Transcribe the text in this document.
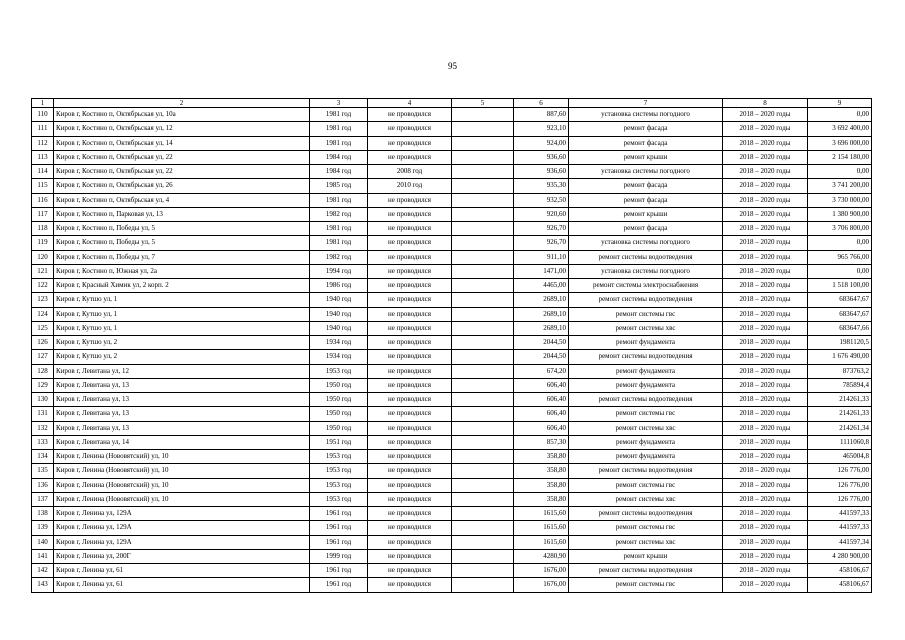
95
1	2	3	4	5	6	7	8	9
110	Киров г, Костино п, Октябрьская ул, 10а	1981 год	не проводился		887,60	установка системы погодного	2018 – 2020 годы	0,00
111	Киров г, Костино п, Октябрьская ул, 12	1981 год	не проводился		923,10	ремонт фасада	2018 – 2020 годы	3 692 400,00
112	Киров г, Костино п, Октябрьская ул, 14	1981 год	не проводился		924,00	ремонт фасада	2018 – 2020 годы	3 696 000,00
113	Киров г, Костино п, Октябрьская ул, 22	1984 год	не проводился		936,60	ремонт крыши	2018 – 2020 годы	2 154 180,00
114	Киров г, Костино п, Октябрьская ул, 22	1984 год	2008 год		936,60	установка системы погодного	2018 – 2020 годы	0,00
115	Киров г, Костино п, Октябрьская ул, 26	1985 год	2010 год		935,30	ремонт фасада	2018 – 2020 годы	3 741 200,00
116	Киров г, Костино п, Октябрьская ул, 4	1981 год	не проводился		932,50	ремонт фасада	2018 – 2020 годы	3 730 000,00
117	Киров г, Костино п, Парковая ул, 13	1982 год	не проводился		920,60	ремонт крыши	2018 – 2020 годы	1 380 900,00
118	Киров г, Костино п, Победы ул, 5	1981 год	не проводился		926,70	ремонт фасада	2018 – 2020 годы	3 706 800,00
119	Киров г, Костино п, Победы ул, 5	1981 год	не проводился		926,70	установка системы погодного	2018 – 2020 годы	0,00
120	Киров г, Костино п, Победы ул, 7	1982 год	не проводился		911,10	ремонт системы водоотведения	2018 – 2020 годы	965 766,00
121	Киров г, Костино п, Южная ул, 2а	1994 год	не проводился		1471,00	установка системы погодного	2018 – 2020 годы	0,00
122	Киров г, Красный Химик ул, 2 корп. 2	1986 год	не проводился		4465,00	ремонт системы электроснабжения	2018 – 2020 годы	1 518 100,00
123	Киров г, Кутшо ул, 1	1940 год	не проводился		2689,10	ремонт системы водоотведения	2018 – 2020 годы	683647,67
124	Киров г, Кутшо ул, 1	1940 год	не проводился		2689,10	ремонт системы гвс	2018 – 2020 годы	683647,67
125	Киров г, Кутшо ул, 1	1940 год	не проводился		2689,10	ремонт системы хвс	2018 – 2020 годы	683647,66
126	Киров г, Кутшо ул, 2	1934 год	не проводился		2044,50	ремонт фундамента	2018 – 2020 годы	1981120,5
127	Киров г, Кутшо ул, 2	1934 год	не проводился		2044,50	ремонт системы водоотведения	2018 – 2020 годы	1 676 490,00
128	Киров г, Левитана ул, 12	1953 год	не проводился		674,20	ремонт фундамента	2018 – 2020 годы	873763,2
129	Киров г, Левитана ул, 13	1950 год	не проводился		606,40	ремонт фундамента	2018 – 2020 годы	785894,4
130	Киров г, Левитана ул, 13	1950 год	не проводился		606,40	ремонт системы водоотведения	2018 – 2020 годы	214261,33
131	Киров г, Левитана ул, 13	1950 год	не проводился		606,40	ремонт системы гвс	2018 – 2020 годы	214261,33
132	Киров г, Левитана ул, 13	1950 год	не проводился		606,40	ремонт системы хвс	2018 – 2020 годы	214261,34
133	Киров г, Левитана ул, 14	1951 год	не проводился		857,30	ремонт фундамента	2018 – 2020 годы	1111060,8
134	Киров г, Ленина (Нововятский) ул, 10	1953 год	не проводился		358,80	ремонт фундамента	2018 – 2020 годы	465004,8
135	Киров г, Ленина (Нововятский) ул, 10	1953 год	не проводился		358,80	ремонт системы водоотведения	2018 – 2020 годы	126 776,00
136	Киров г, Ленина (Нововятский) ул, 10	1953 год	не проводился		358,80	ремонт системы гвс	2018 – 2020 годы	126 776,00
137	Киров г, Ленина (Нововятский) ул, 10	1953 год	не проводился		358,80	ремонт системы хвс	2018 – 2020 годы	126 776,00
138	Киров г, Ленина ул, 129А	1961 год	не проводился		1615,60	ремонт системы водоотведения	2018 – 2020 годы	441597,33
139	Киров г, Ленина ул, 129А	1961 год	не проводился		1615,60	ремонт системы гвс	2018 – 2020 годы	441597,33
140	Киров г, Ленина ул, 129А	1961 год	не проводился		1615,60	ремонт системы хвс	2018 – 2020 годы	441597,34
141	Киров г, Ленина ул, 200Г	1999 год	не проводился		4280,90	ремонт крыши	2018 – 2020 годы	4 280 900,00
142	Киров г, Ленина ул, 61	1961 год	не проводился		1676,00	ремонт системы водоотведения	2018 – 2020 годы	458106,67
143	Киров г, Ленина ул, 61	1961 год	не проводился		1676,00	ремонт системы гвс	2018 – 2020 годы	458106,67
